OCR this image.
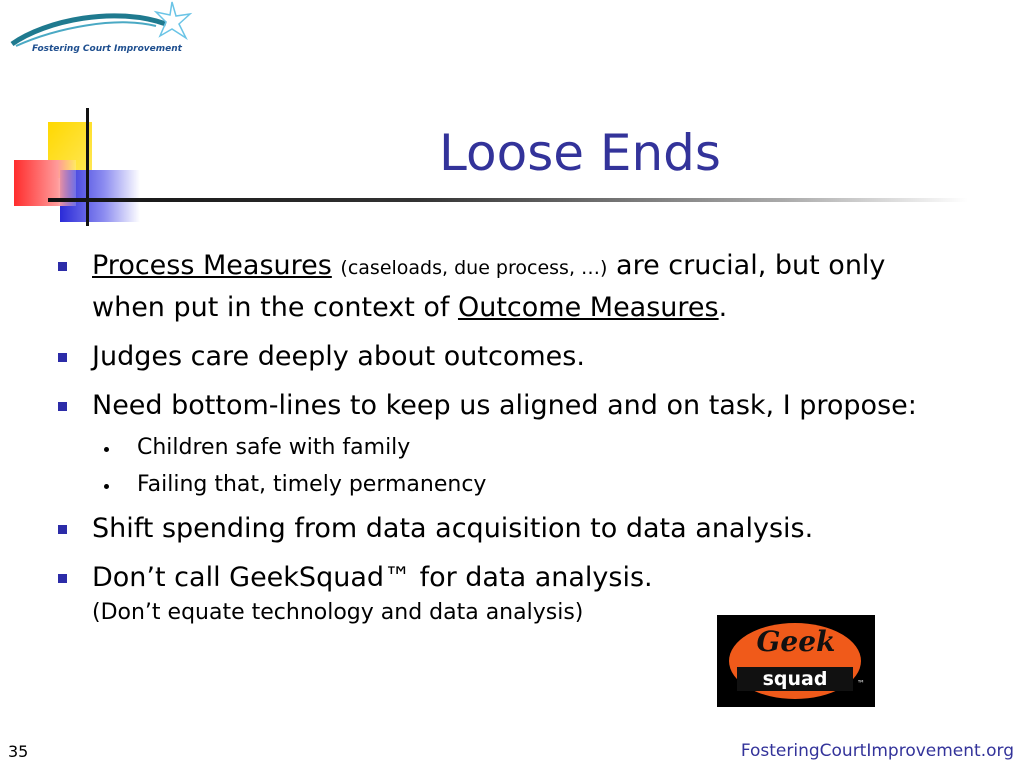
Fostering Court Improvement
Loose Ends
Process Measures (caseloads, due process, …) are crucial, but only when put in the context of Outcome Measures.
Judges care deeply about outcomes.
Need bottom-lines to keep us aligned and on task, I propose:
Children safe with family
Failing that, timely permanency
Shift spending from data acquisition to data analysis.
Don’t call GeekSquad™ for data analysis.
(Don’t equate technology and data analysis)
Geek
squad	™
35	FosteringCourtImprovement.org
